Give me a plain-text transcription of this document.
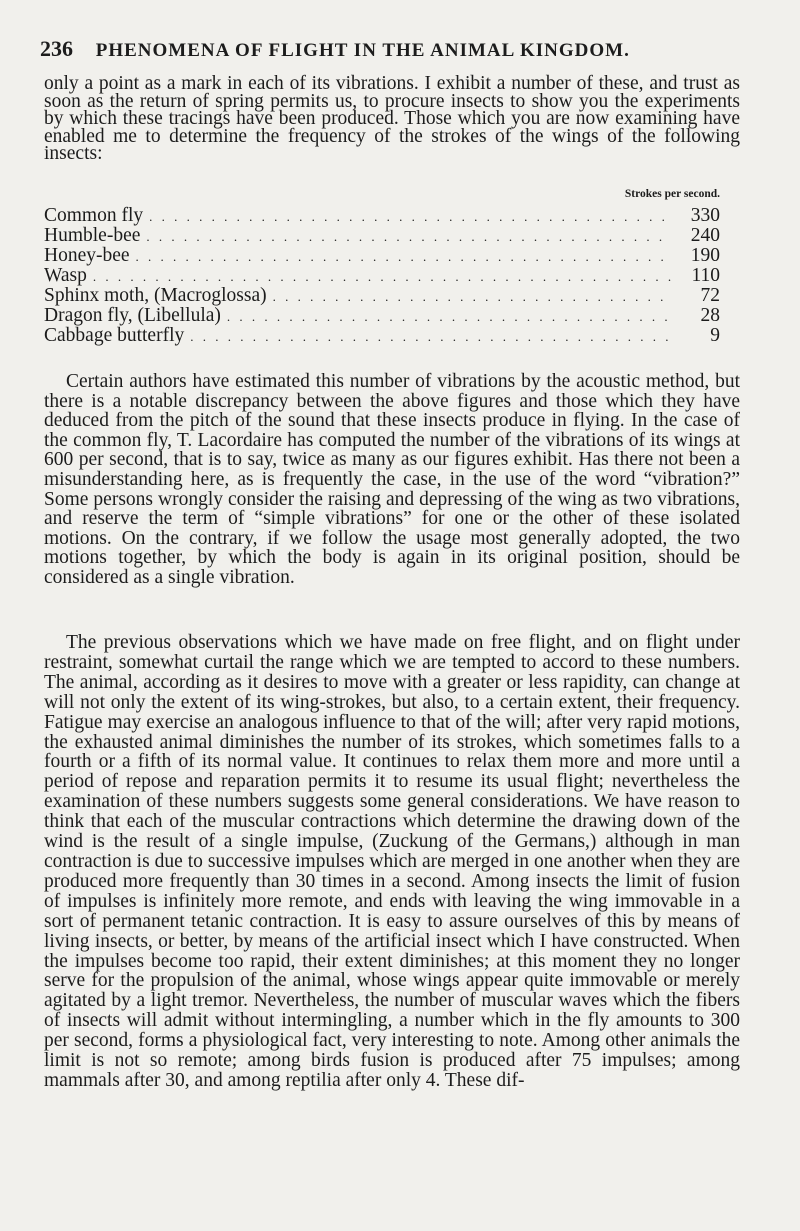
236 PHENOMENA OF FLIGHT IN THE ANIMAL KINGDOM.

only a point as a mark in each of its vibrations. I exhibit a number of these, and trust as soon as the return of spring permits us, to procure insects to show you the experiments by which these tracings have been produced. Those which you are now examining have enabled me to determine the frequency of the strokes of the wings of the following insects:

Strokes per second.
Common fly . . .	330
Humble-bee . . .	240
Honey-bee . . .	190
Wasp . . .	110
Sphinx moth, (Macroglossa) . . .	72
Dragon fly, (Libellula) . . .	28
Cabbage butterfly . . .	9

Certain authors have estimated this number of vibrations by the acoustic method, but there is a notable discrepancy between the above figures and those which they have deduced from the pitch of the sound that these insects produce in flying. In the case of the common fly, T. Lacordaire has computed the number of the vibrations of its wings at 600 per second, that is to say, twice as many as our figures exhibit. Has there not been a misunderstanding here, as is frequently the case, in the use of the word “vibration?” Some persons wrongly consider the raising and depressing of the wing as two vibrations, and reserve the term of “simple vibrations” for one or the other of these isolated motions. On the contrary, if we follow the usage most generally adopted, the two motions together, by which the body is again in its original position, should be considered as a single vibration.

The previous observations which we have made on free flight, and on flight under restraint, somewhat curtail the range which we are tempted to accord to these numbers. The animal, according as it desires to move with a greater or less rapidity, can change at will not only the extent of its wing-strokes, but also, to a certain extent, their frequency. Fatigue may exercise an analogous influence to that of the will; after very rapid motions, the exhausted animal diminishes the number of its strokes, which sometimes falls to a fourth or a fifth of its normal value. It continues to relax them more and more until a period of repose and reparation permits it to resume its usual flight; nevertheless the examination of these numbers suggests some general considerations. We have reason to think that each of the muscular contractions which determine the drawing down of the wind is the result of a single impulse, (Zuckung of the Germans,) although in man contraction is due to successive impulses which are merged in one another when they are produced more frequently than 30 times in a second. Among insects the limit of fusion of impulses is infinitely more remote, and ends with leaving the wing immovable in a sort of permanent tetanic contraction. It is easy to assure ourselves of this by means of living insects, or better, by means of the artificial insect which I have constructed. When the impulses become too rapid, their extent diminishes; at this moment they no longer serve for the propulsion of the animal, whose wings appear quite immovable or merely agitated by a light tremor. Nevertheless, the number of muscular waves which the fibers of insects will admit without intermingling, a number which in the fly amounts to 300 per second, forms a physiological fact, very interesting to note. Among other animals the limit is not so remote; among birds fusion is produced after 75 impulses; among mammals after 30, and among reptilia after only 4. These dif-
